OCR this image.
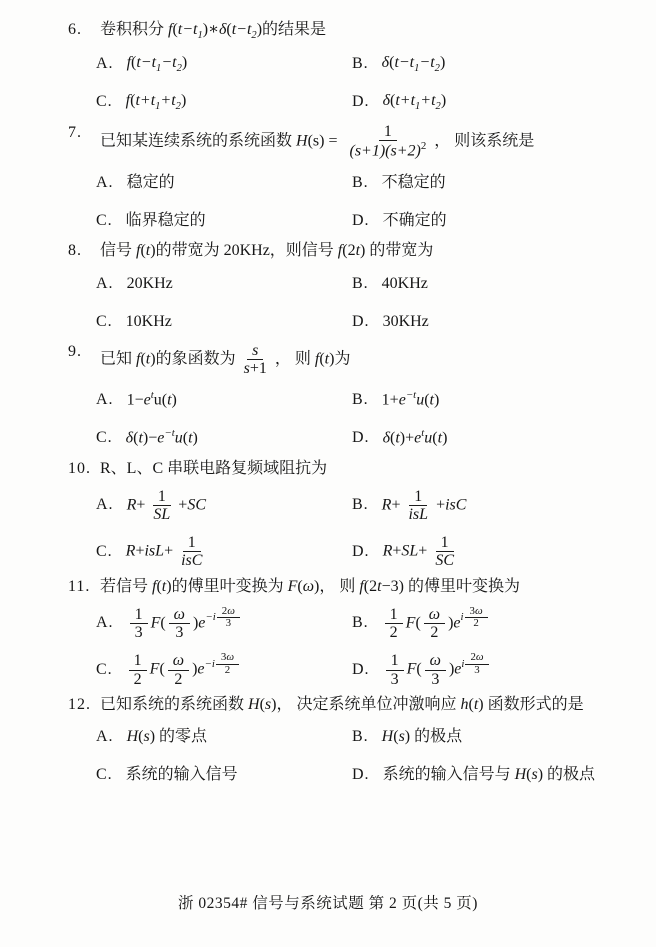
6.	卷积积分 $f(t-t_1)∗\delta(t-t_2)$的结果是
A. $f(t-t_1-t_2)$	B. $\delta(t-t_1-t_2)$
C. $f(t+t_1+t_2)$	D. $\delta(t+t_1+t_2)$
7.	已知某连续系统的系统函数 $H(s) = \frac{1}{(s+1)(s+2)^2}$ ， 则该系统是
A. 稳定的	B. 不稳定的
C. 临界稳定的	D. 不确定的
8.	信号 f(t)的带宽为 20KHz，则信号 f(2t) 的带宽为
A. 20KHz	B. 40KHz
C. 10KHz	D. 30KHz
9.	已知 f(t)的象函数为 $\frac{s}{s+1}$ ， 则 f(t)为
A. $1-e^tu(t)$	B. $1+e^{-t}u(t)$
C. $\delta(t)-e^{-t}u(t)$	D. $\delta(t)+e^tu(t)$
10. R、L、C 串联电路复频域阻抗为
A. $R+ \frac{1}{SL} +SC$	B. $R+ \frac{1}{\text{isL}} +isC$
C. $R+isL+ \frac{1}{\text{isC}}$	D. $R+SL+ \frac{1}{SC}$
11. 若信号 f(t)的傅里叶变换为 F(ω)， 则 f(2t−3) 的傅里叶变换为
A. $\frac{1}{3} F( \frac{\omega}{3} )e^{-i \frac{2\omega}{3}}$	B. $\frac{1}{2} F( \frac{\omega}{2} )e^{i \frac{3\omega}{2}}$
C. $\frac{1}{2} F( \frac{\omega}{2} )e^{-i \frac{3\omega}{2}}$	D. $\frac{1}{3} F( \frac{\omega}{3} )e^{i \frac{2\omega}{3}}$
12. 已知系统的系统函数 H(s)， 决定系统单位冲激响应 h(t) 函数形式的是
A. H(s) 的零点	B. H(s) 的极点
C. 系统的输入信号	D. 系统的输入信号与 H(s) 的极点
浙 02354# 信号与系统试题 第 2 页(共 5 页)
